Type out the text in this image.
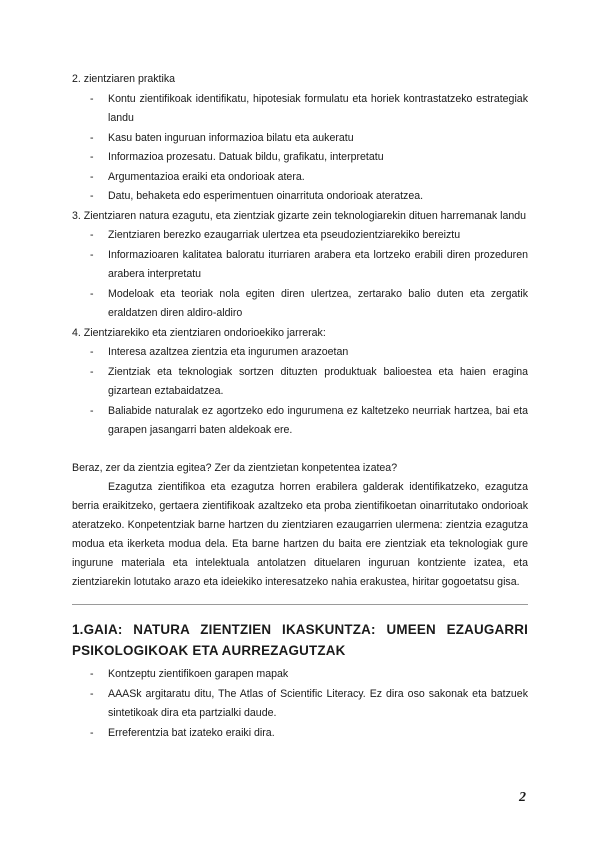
2. zientziaren praktika
- Kontu zientifikoak identifikatu, hipotesiak formulatu eta horiek kontrastatzeko estrategiak landu
- Kasu baten inguruan informazioa bilatu eta aukeratu
- Informazioa prozesatu. Datuak bildu, grafikatu, interpretatu
- Argumentazioa eraiki eta ondorioak atera.
- Datu, behaketa edo esperimentuen oinarrituta ondorioak ateratzea.
3. Zientziaren natura ezagutu, eta zientziak gizarte zein teknologiarekin dituen harremanak landu
- Zientziaren berezko ezaugarriak ulertzea eta pseudozientziarekiko bereiztu
- Informazioaren kalitatea baloratu iturriaren arabera eta lortzeko erabili diren prozeduren arabera interpretatu
- Modeloak eta teoriak nola egiten diren ulertzea, zertarako balio duten eta zergatik eraldatzen diren aldiro-aldiro
4. Zientziarekiko eta zientziaren ondorioekiko jarrerak:
- Interesa azaltzea zientzia eta ingurumen arazoetan
- Zientziak eta teknologiak sortzen dituzten produktuak balioestea eta haien eragina gizartean eztabaidatzea.
- Baliabide naturalak ez agortzeko edo ingurumena ez kaltetzeko neurriak hartzea, bai eta garapen jasangarri baten aldekoak ere.
Beraz, zer da zientzia egitea? Zer da zientzietan konpetentea izatea?
Ezagutza zientifikoa eta ezagutza horren erabilera galderak identifikatzeko, ezagutza berria eraikitzeko, gertaera zientifikoak azaltzeko eta proba zientifikoetan oinarritutako ondorioak ateratzeko. Konpetentziak barne hartzen du zientziaren ezaugarrien ulermena: zientzia ezagutza modua eta ikerketa modua dela. Eta barne hartzen du baita ere zientziak eta teknologiak gure ingurune materiala eta intelektuala antolatzen dituelaren inguruan kontziente izatea, eta zientziarekin lotutako arazo eta ideiekiko interesatzeko nahia erakustea, hiritar gogoetatsu gisa.
1.GAIA: NATURA ZIENTZIEN IKASKUNTZA: UMEEN EZAUGARRI PSIKOLOGIKOAK ETA AURREZAGUTZAK
- Kontzeptu zientifikoen garapen mapak
- AAASk argitaratu ditu, The Atlas of Scientific Literacy. Ez dira oso sakonak eta batzuek sintetikoak dira eta partzialki daude.
- Erreferentzia bat izateko eraiki dira.
2
